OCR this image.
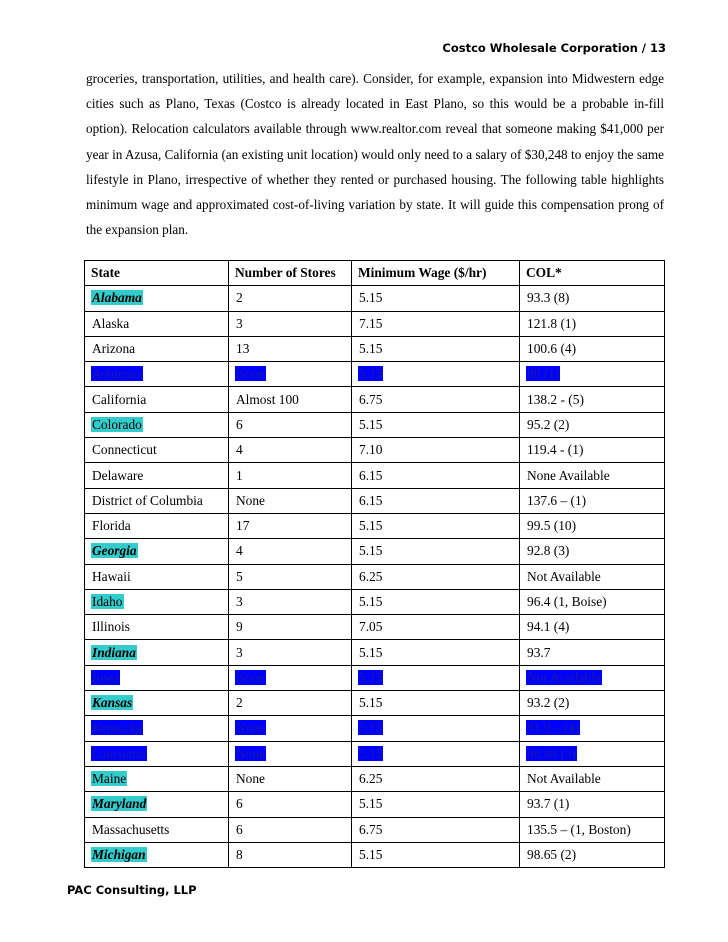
Costco Wholesale Corporation / 13

groceries, transportation, utilities, and health care). Consider, for example, expansion into Midwestern edge cities such as Plano, Texas (Costco is already located in East Plano, so this would be a probable in-fill option). Relocation calculators available through www.realtor.com reveal that someone making $41,000 per year in Azusa, California (an existing unit location) would only need to a salary of $30,248 to enjoy the same lifestyle in Plano, irrespective of whether they rented or purchased housing. The following table highlights minimum wage and approximated cost-of-living variation by state. It will guide this compensation prong of the expansion plan.

State	Number of Stores	Minimum Wage ($/hr)	COL*
Alabama	2	5.15	93.3 (8)
Alaska	3	7.15	121.8 (1)
Arizona	13	5.15	100.6 (4)
Arkansas	None	5.15	88 (1)
California	Almost 100	6.75	138.2 - (5)
Colorado	6	5.15	95.2 (2)
Connecticut	4	7.10	119.4 - (1)
Delaware	1	6.15	None Available
District of Columbia	None	6.15	137.6 – (1)
Florida	17	5.15	99.5 (10)
Georgia	4	5.15	92.8 (3)
Hawaii	5	6.25	Not Available
Idaho	3	5.15	96.4 (1, Boise)
Illinois	9	7.05	94.1 (4)
Indiana	3	5.15	93.7
Iowa	None	5.15	Not Available
Kansas	2	5.15	93.2 (2)
Kentucky	None	5.15	91.9 – (4)
Louisiana	None	5.15	98.84 (5)
Maine	None	6.25	Not Available
Maryland	6	5.15	93.7 (1)
Massachusetts	6	6.75	135.5 – (1, Boston)
Michigan	8	5.15	98.65 (2)
PAC Consulting, LLP
